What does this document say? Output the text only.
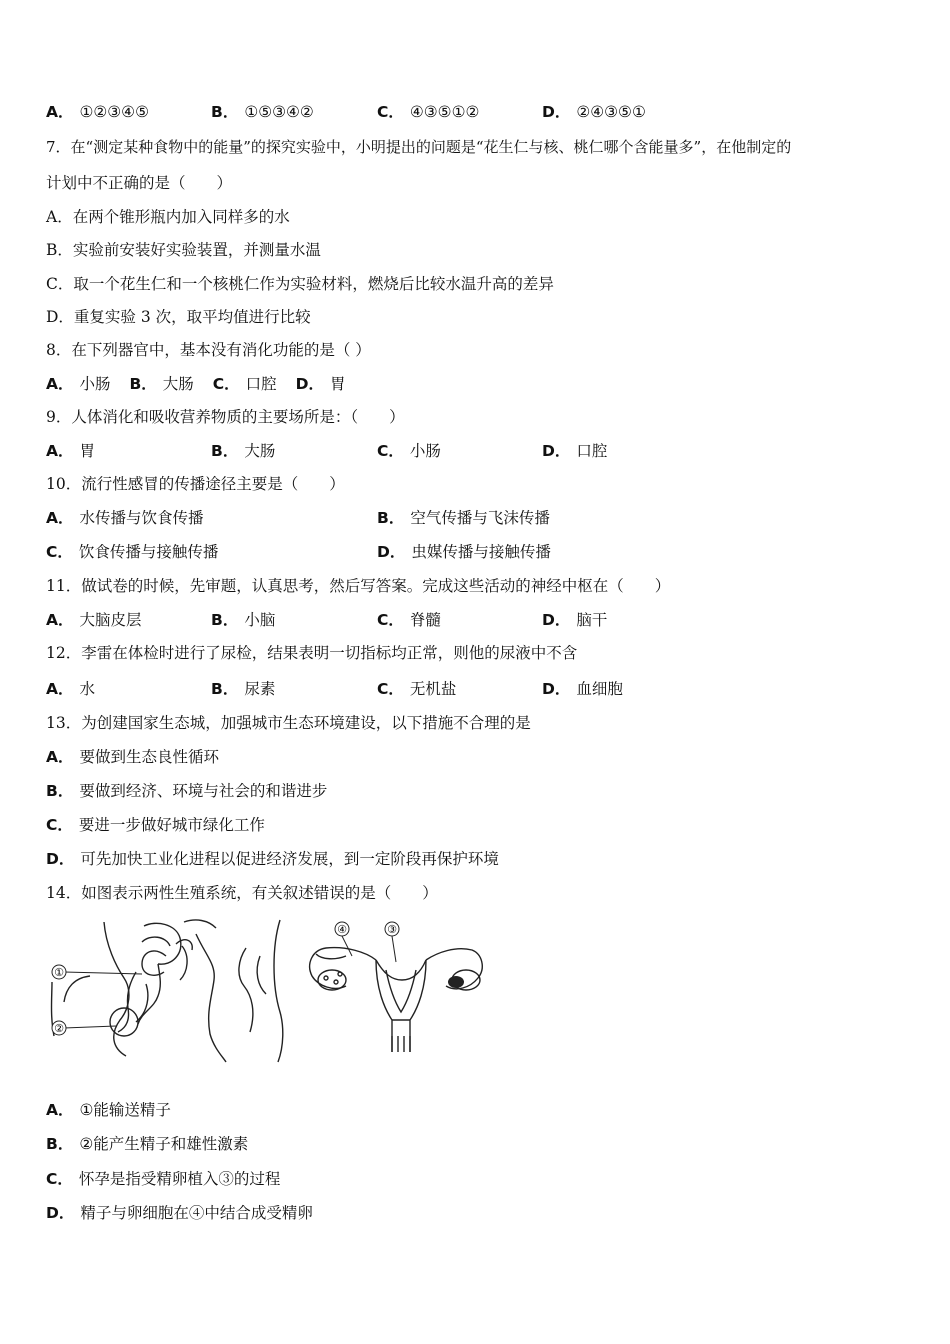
A． ①②③④⑤	B． ①⑤③④②	C． ④③⑤①②	D． ②④③⑤①
7．在“测定某种食物中的能量”的探究实验中，小明提出的问题是“花生仁与核、桃仁哪个含能量多”，在他制定的
计划中不正确的是（　　）
A．在两个锥形瓶内加入同样多的水
B．实验前安装好实验装置，并测量水温
C．取一个花生仁和一个核桃仁作为实验材料，燃烧后比较水温升高的差异
D．重复实验 3 次，取平均值进行比较
8．在下列器官中，基本没有消化功能的是（ ）
A． 小肠 B． 大肠 C． 口腔 D． 胃
9．人体消化和吸收营养物质的主要场所是：（　　）
A． 胃	B． 大肠	C． 小肠	D． 口腔
10．流行性感冒的传播途径主要是（　　）
A． 水传播与饮食传播	B． 空气传播与飞沫传播
C． 饮食传播与接触传播	D． 虫媒传播与接触传播
11．做试卷的时候，先审题，认真思考，然后写答案。完成这些活动的神经中枢在（　　）
A． 大脑皮层	B． 小脑	C． 脊髓	D． 脑干
12．李雷在体检时进行了尿检，结果表明一切指标均正常，则他的尿液中不含
A． 水	B． 尿素	C． 无机盐	D． 血细胞
13．为创建国家生态城，加强城市生态环境建设，以下措施不合理的是
A． 要做到生态良性循环
B． 要做到经济、环境与社会的和谐进步
C． 要进一步做好城市绿化工作
D． 可先加快工业化进程以促进经济发展，到一定阶段再保护环境
14．如图表示两性生殖系统，有关叙述错误的是（　　）
①
②
④	③
A． ①能输送精子
B． ②能产生精子和雄性激素
C． 怀孕是指受精卵植入③的过程
D． 精子与卵细胞在④中结合成受精卵
